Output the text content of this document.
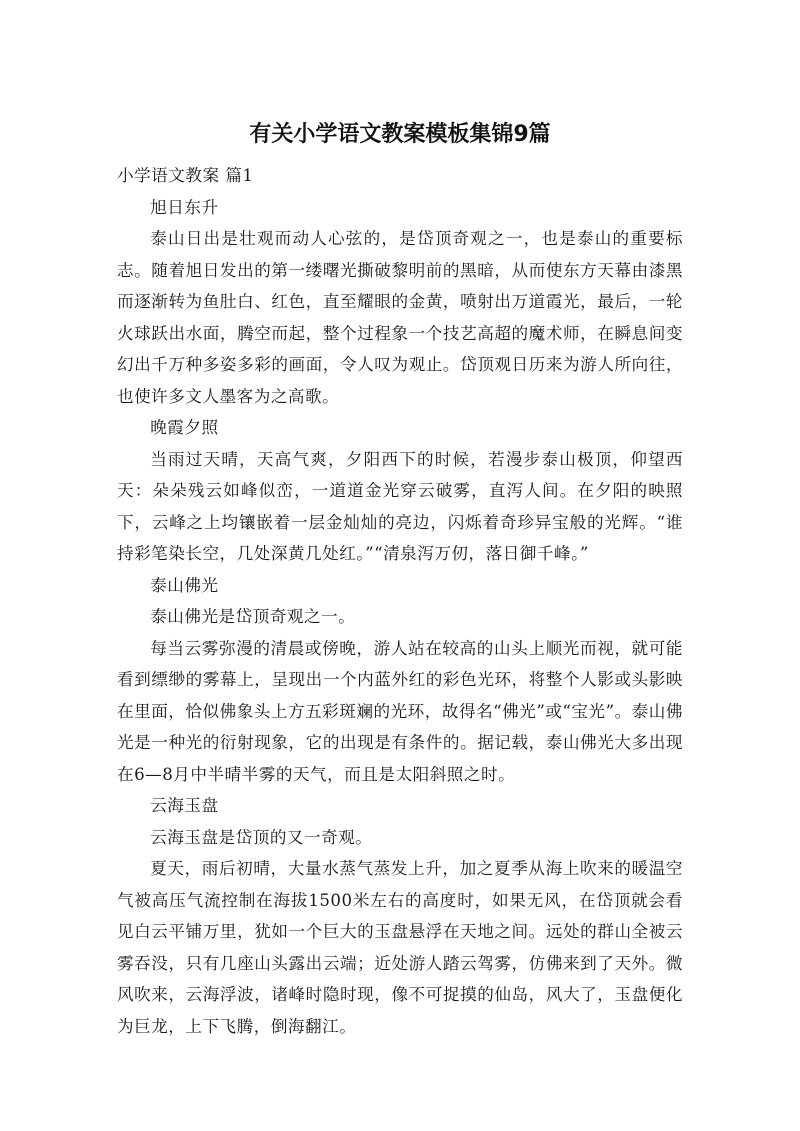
有关小学语文教案模板集锦9篇

小学语文教案 篇1

旭日东升

泰山日出是壮观而动人心弦的，是岱顶奇观之一，也是泰山的重要标志。随着旭日发出的第一缕曙光撕破黎明前的黑暗，从而使东方天幕由漆黑而逐渐转为鱼肚白、红色，直至耀眼的金黄，喷射出万道霞光，最后，一轮火球跃出水面，腾空而起，整个过程象一个技艺高超的魔术师，在瞬息间变幻出千万种多姿多彩的画面，令人叹为观止。岱顶观日历来为游人所向往，也使许多文人墨客为之高歌。

晚霞夕照

当雨过天晴，天高气爽，夕阳西下的时候，若漫步泰山极顶，仰望西天：朵朵残云如峰似峦，一道道金光穿云破雾，直泻人间。在夕阳的映照下，云峰之上均镶嵌着一层金灿灿的亮边，闪烁着奇珍异宝般的光辉。“谁持彩笔染长空，几处深黄几处红。”“清泉泻万仞，落日御千峰。”

泰山佛光

泰山佛光是岱顶奇观之一。

每当云雾弥漫的清晨或傍晚，游人站在较高的山头上顺光而视，就可能看到缥缈的雾幕上，呈现出一个内蓝外红的彩色光环，将整个人影或头影映在里面，恰似佛象头上方五彩斑斓的光环，故得名“佛光”或“宝光”。泰山佛光是一种光的衍射现象，它的出现是有条件的。据记载，泰山佛光大多出现在6—8月中半晴半雾的天气，而且是太阳斜照之时。

云海玉盘

云海玉盘是岱顶的又一奇观。

夏天，雨后初晴，大量水蒸气蒸发上升，加之夏季从海上吹来的暖温空气被高压气流控制在海拔1500米左右的高度时，如果无风，在岱顶就会看见白云平铺万里，犹如一个巨大的玉盘悬浮在天地之间。远处的群山全被云雾吞没，只有几座山头露出云端；近处游人踏云驾雾，仿佛来到了天外。微风吹来，云海浮波，诸峰时隐时现，像不可捉摸的仙岛，风大了，玉盘便化为巨龙，上下飞腾，倒海翻江。
